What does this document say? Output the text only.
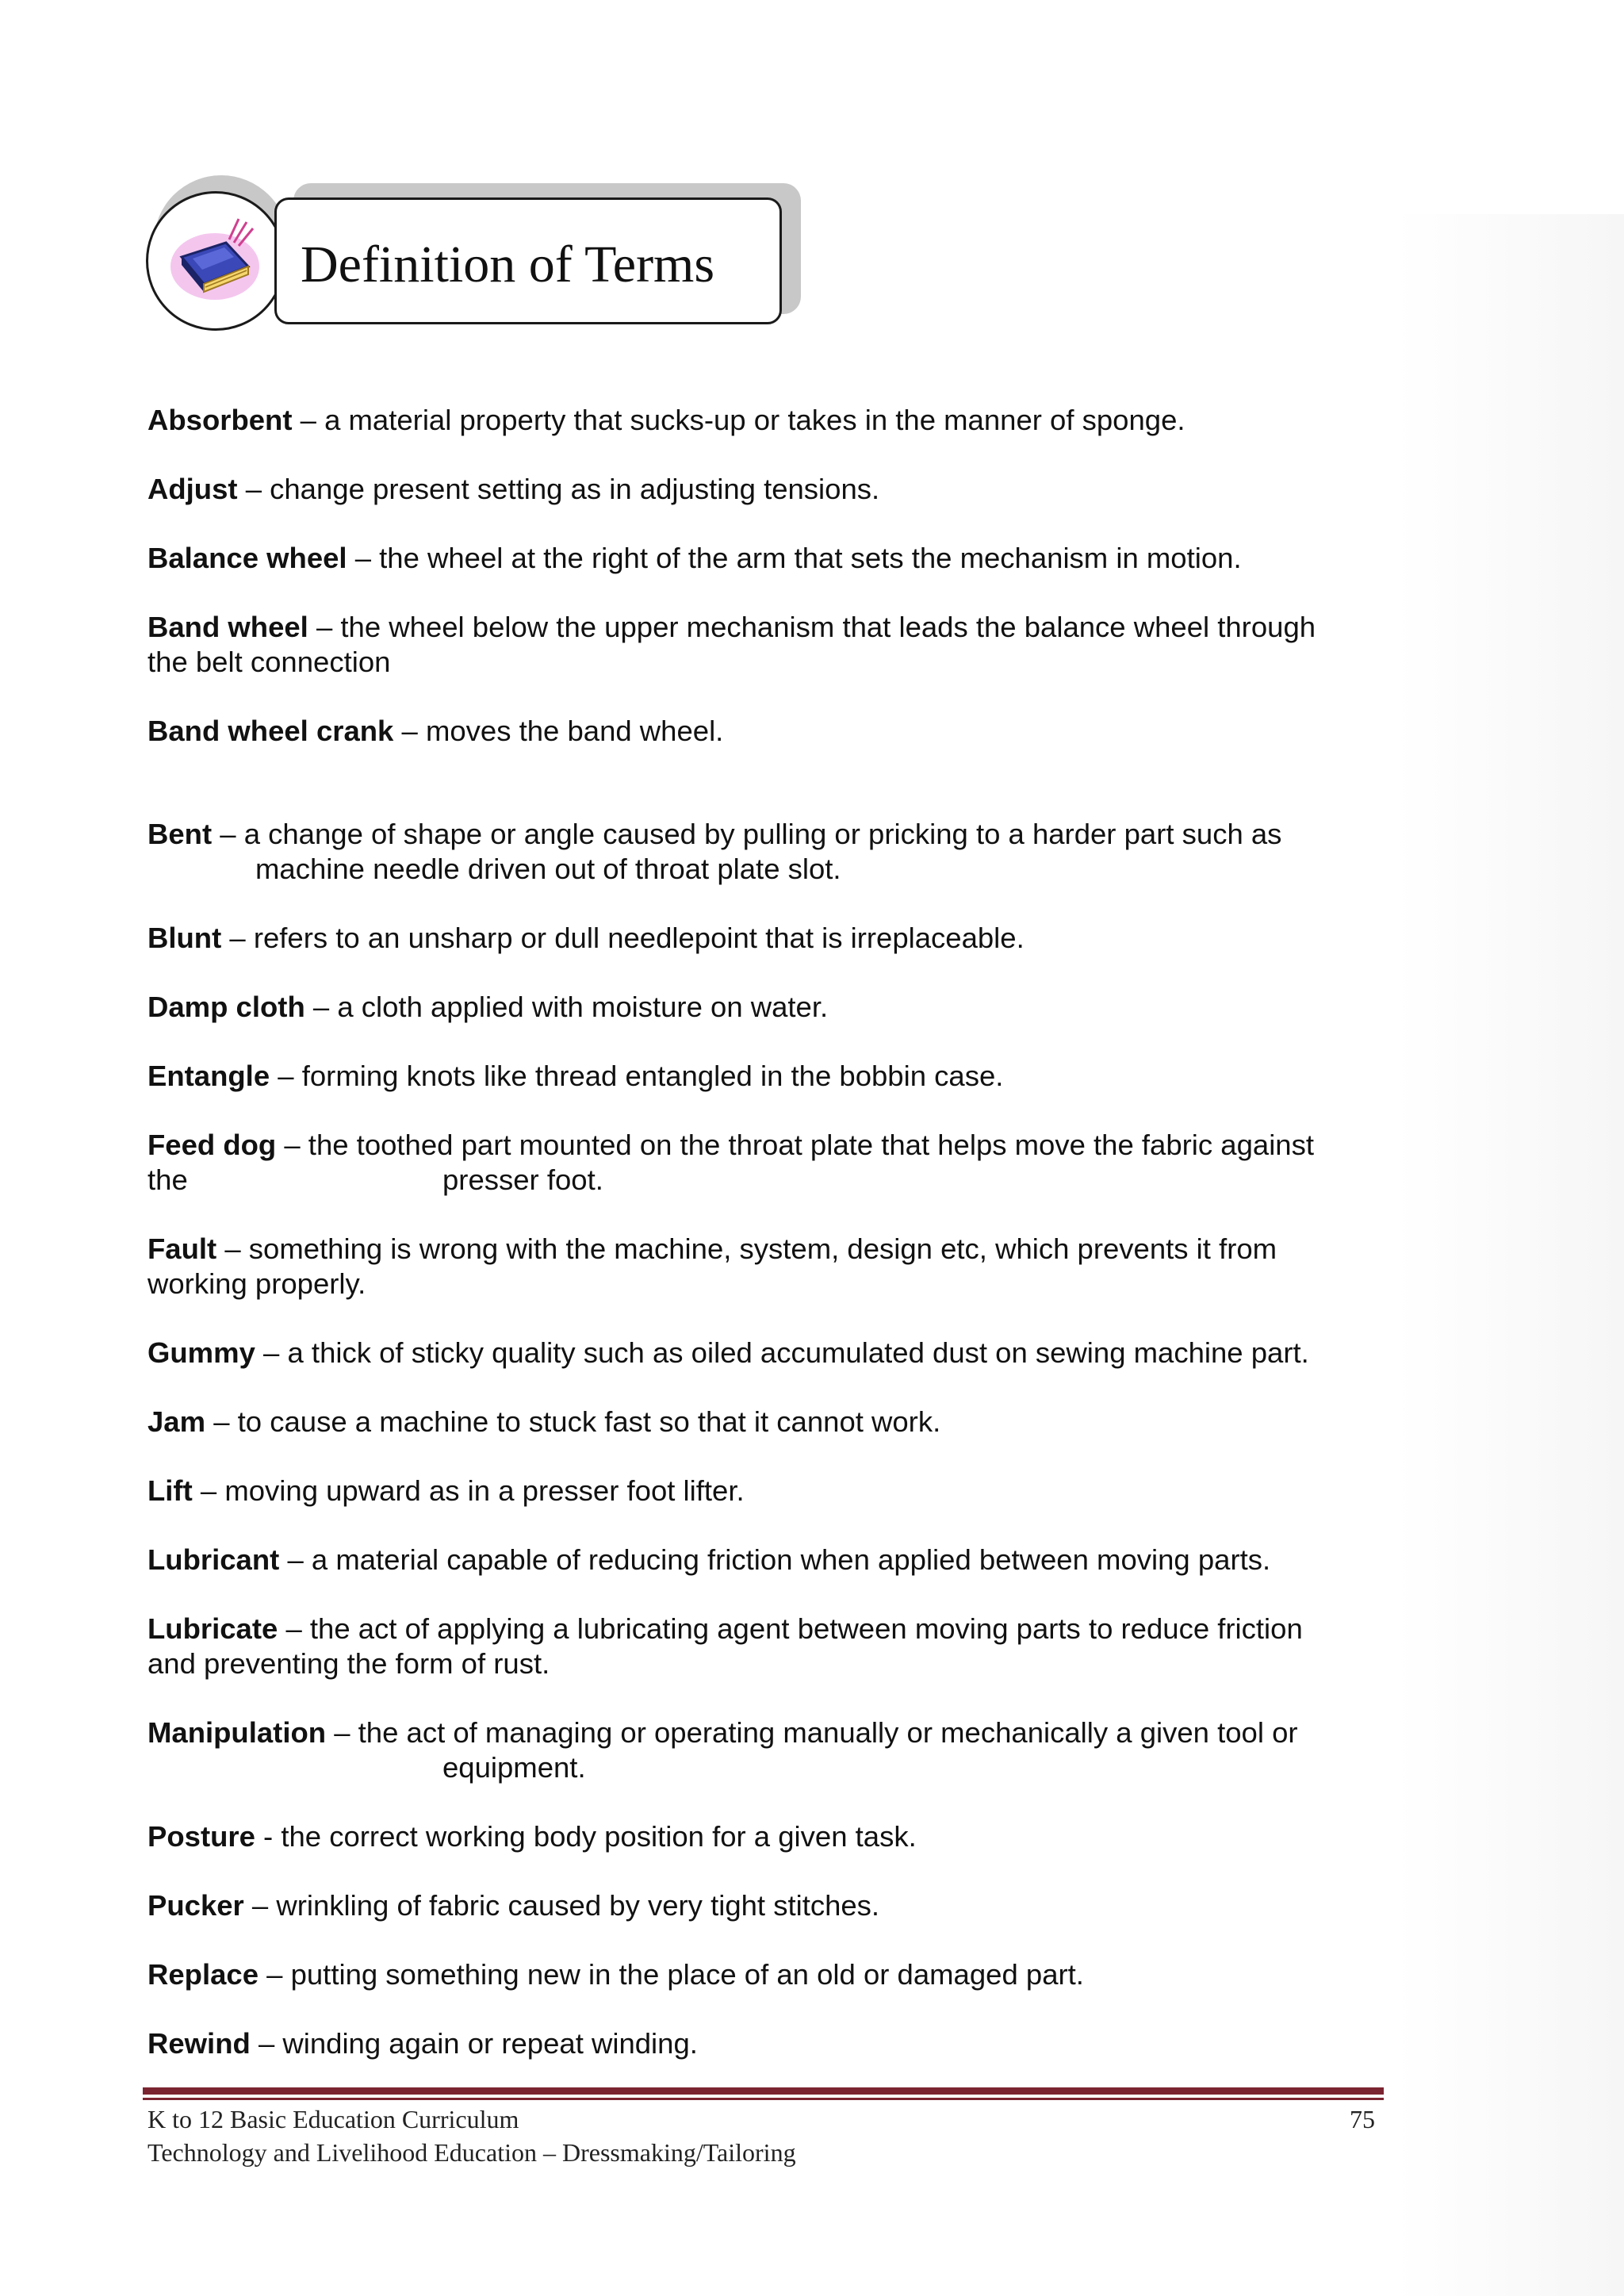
Definition of Terms
Absorbent – a material property that sucks-up or takes in the manner of sponge.
Adjust – change present setting as in adjusting tensions.
Balance wheel – the wheel at the right of the arm that sets the mechanism in motion.
Band wheel – the wheel below the upper mechanism that leads the balance wheel through
the belt connection
Band wheel crank – moves the band wheel.
Bent – a change of shape or angle caused by pulling or pricking to a harder part such as
machine needle driven out of throat plate slot.
Blunt – refers to an unsharp or dull needlepoint that is irreplaceable.
Damp cloth – a cloth applied with moisture on water.
Entangle – forming knots like thread entangled in the bobbin case.
Feed dog – the toothed part mounted on the throat plate that helps move the fabric against
the	presser foot.
Fault – something is wrong with the machine, system, design etc, which prevents it from
working properly.
Gummy – a thick of sticky quality such as oiled accumulated dust on sewing machine part.
Jam – to cause a machine to stuck fast so that it cannot work.
Lift – moving upward as in a presser foot lifter.
Lubricant – a material capable of reducing friction when applied between moving parts.
Lubricate – the act of applying a lubricating agent between moving parts to reduce friction
and preventing the form of rust.
Manipulation – the act of managing or operating manually or mechanically a given tool or
equipment.
Posture - the correct working body position for a given task.
Pucker – wrinkling of fabric caused by very tight stitches.
Replace – putting something new in the place of an old or damaged part.
Rewind – winding again or repeat winding.
K to 12 Basic Education Curriculum
Technology and Livelihood Education – Dressmaking/Tailoring
75
